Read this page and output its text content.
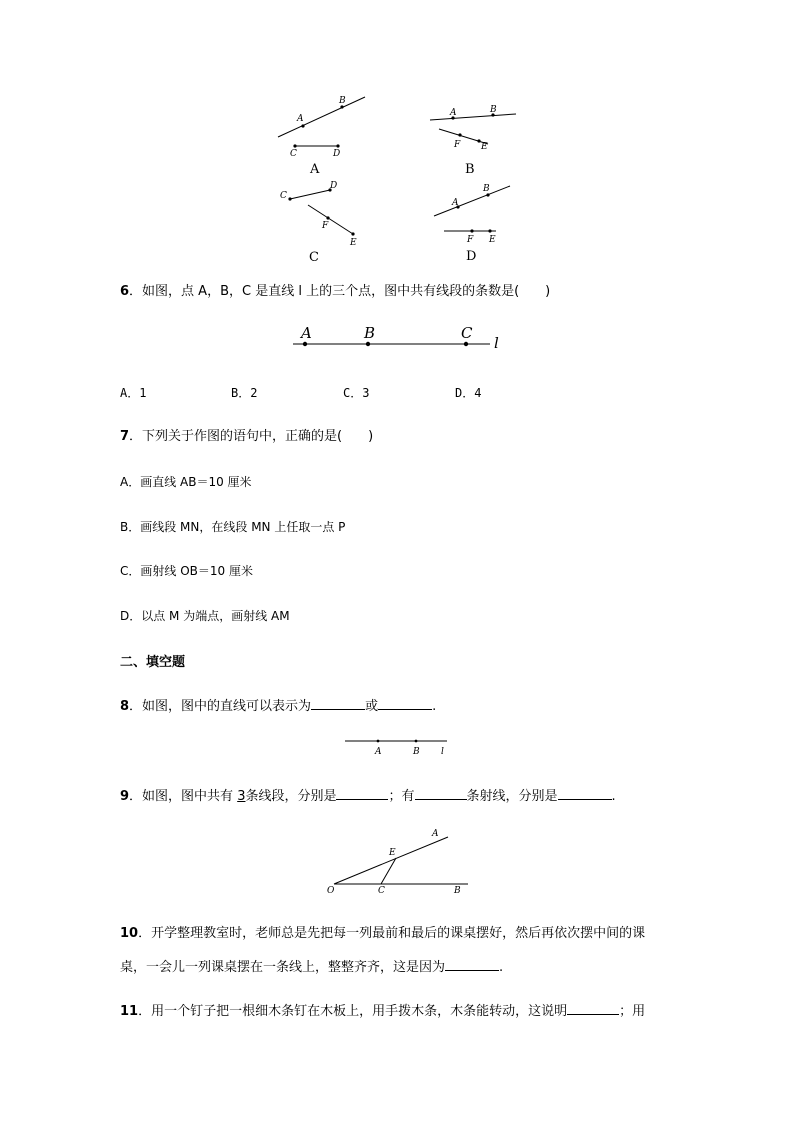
A
B
C	D
A
A	B
F E
B
C
D
F
E
C
A
B
F E
D
6．如图，点 A，B，C 是直线 l 上的三个点，图中共有线段的条数是(　　)
A	B	C
l
A．1	B．2	C．3	D．4
7．下列关于作图的语句中，正确的是(　　)
A．画直线 AB＝10 厘米
B．画线段 MN，在线段 MN 上任取一点 P
C．画射线 OB＝10 厘米
D．以点 M 为端点，画射线 AM
二、填空题
8．如图，图中的直线可以表示为	或	.
A	B l
9．如图，图中共有 3条线段，分别是	；有	条射线，分别是	.
A
E
O	C	B
10．开学整理教室时，老师总是先把每一列最前和最后的课桌摆好，然后再依次摆中间的课
桌，一会儿一列课桌摆在一条线上，整整齐齐，这是因为	.
11．用一个钉子把一根细木条钉在木板上，用手拨木条，木条能转动，这说明	；用
